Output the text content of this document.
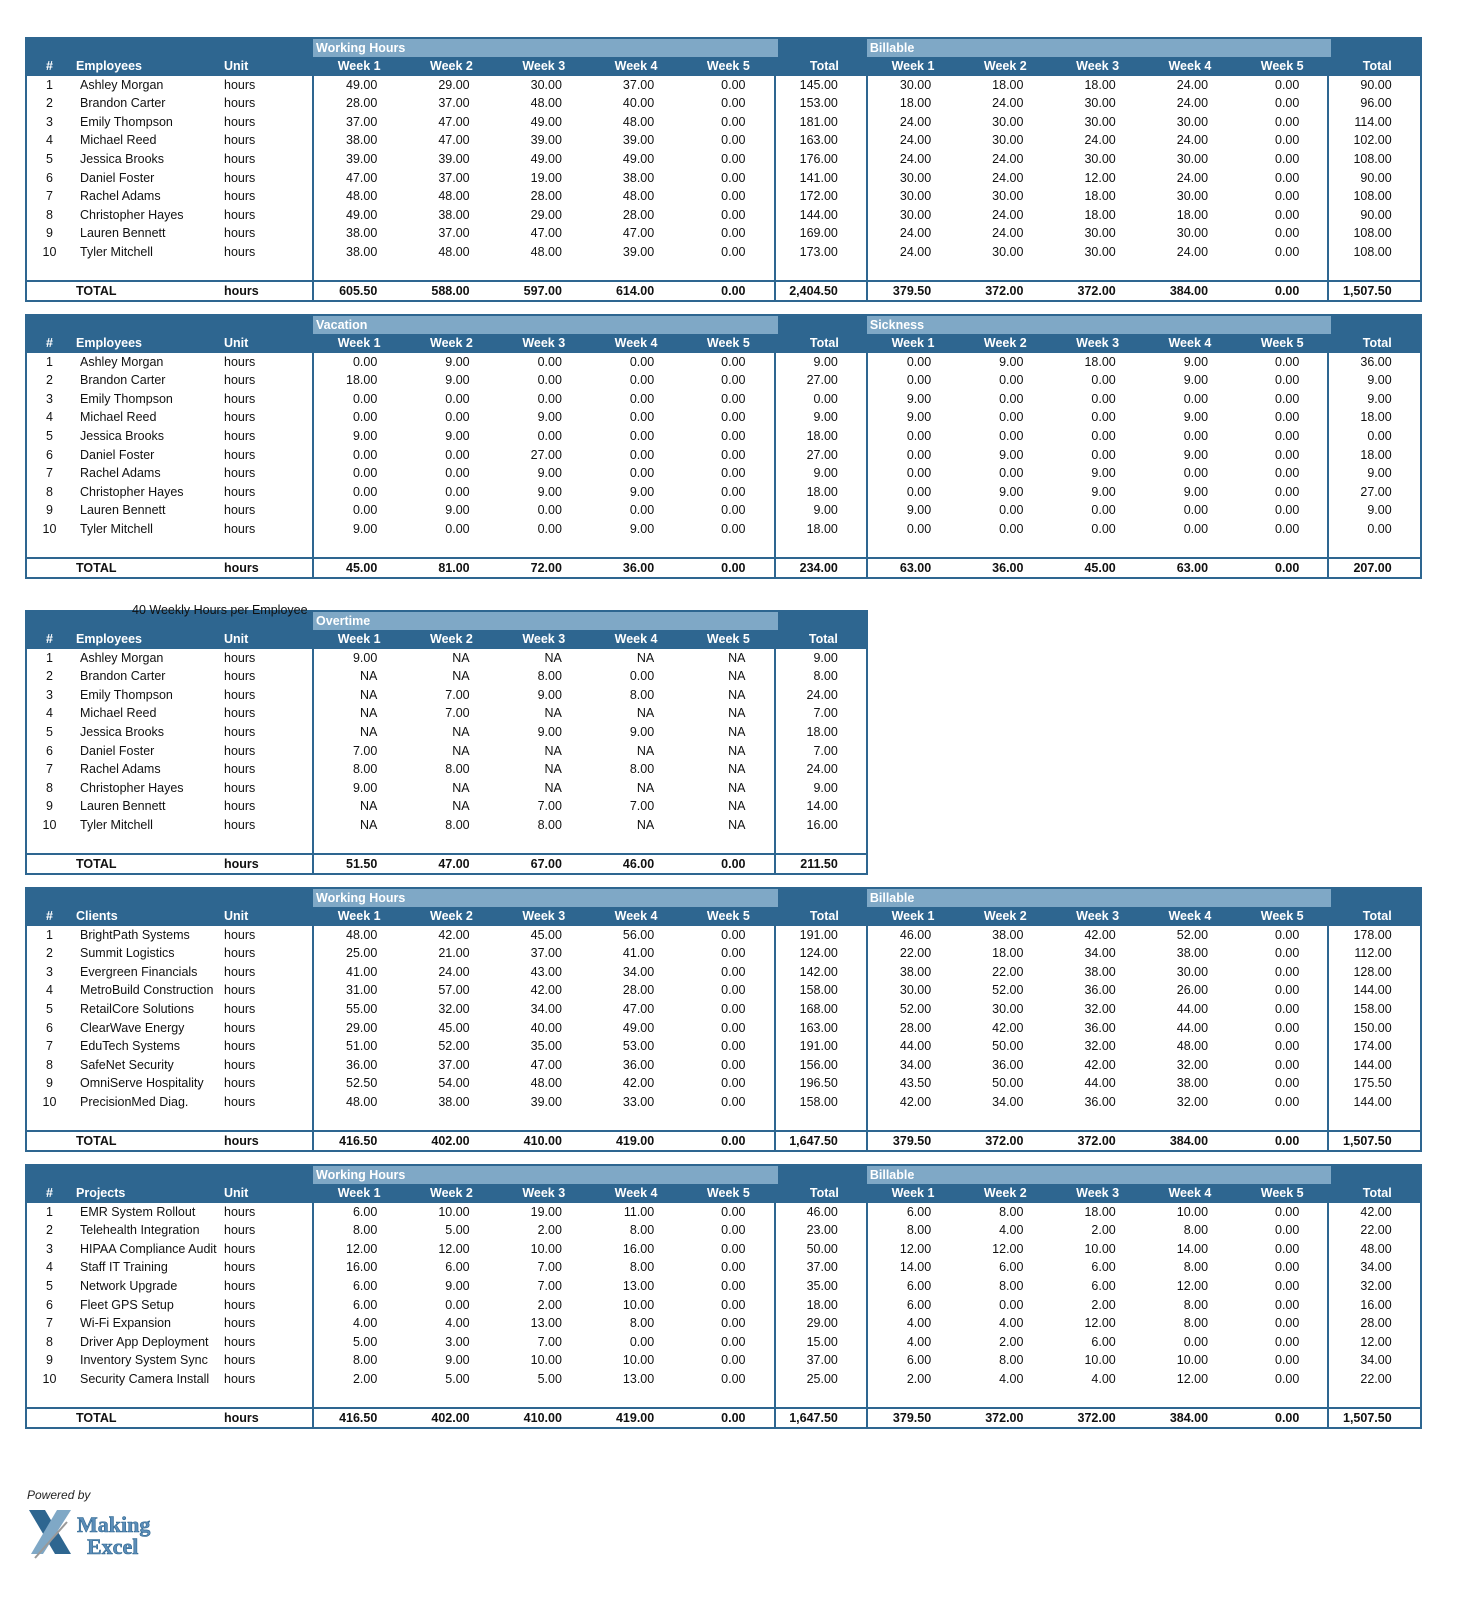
			Working Hours						Billable					

#	Employees	Unit	Week 1	Week 2	Week 3	Week 4	Week 5	Total	Week 1	Week 2	Week 3	Week 4	Week 5	Total
1	Ashley Morgan	hours	49.00	29.00	30.00	37.00	0.00	145.00	30.00	18.00	18.00	24.00	0.00	90.00
2	Brandon Carter	hours	28.00	37.00	48.00	40.00	0.00	153.00	18.00	24.00	30.00	24.00	0.00	96.00
3	Emily Thompson	hours	37.00	47.00	49.00	48.00	0.00	181.00	24.00	30.00	30.00	30.00	0.00	114.00
4	Michael Reed	hours	38.00	47.00	39.00	39.00	0.00	163.00	24.00	30.00	24.00	24.00	0.00	102.00
5	Jessica Brooks	hours	39.00	39.00	49.00	49.00	0.00	176.00	24.00	24.00	30.00	30.00	0.00	108.00
6	Daniel Foster	hours	47.00	37.00	19.00	38.00	0.00	141.00	30.00	24.00	12.00	24.00	0.00	90.00
7	Rachel Adams	hours	48.00	48.00	28.00	48.00	0.00	172.00	30.00	30.00	18.00	30.00	0.00	108.00
8	Christopher Hayes	hours	49.00	38.00	29.00	28.00	0.00	144.00	30.00	24.00	18.00	18.00	0.00	90.00
9	Lauren Bennett	hours	38.00	37.00	47.00	47.00	0.00	169.00	24.00	24.00	30.00	30.00	0.00	108.00
10	Tyler Mitchell	hours	38.00	48.00	48.00	39.00	0.00	173.00	24.00	30.00	30.00	24.00	0.00	108.00

	TOTAL	hours	605.50	588.00	597.00	614.00	0.00	2,404.50	379.50	372.00	372.00	384.00	0.00	1,507.50

			Vacation						Sickness					

#	Employees	Unit	Week 1	Week 2	Week 3	Week 4	Week 5	Total	Week 1	Week 2	Week 3	Week 4	Week 5	Total
1	Ashley Morgan	hours	0.00	9.00	0.00	0.00	0.00	9.00	0.00	9.00	18.00	9.00	0.00	36.00
2	Brandon Carter	hours	18.00	9.00	0.00	0.00	0.00	27.00	0.00	0.00	0.00	9.00	0.00	9.00
3	Emily Thompson	hours	0.00	0.00	0.00	0.00	0.00	0.00	9.00	0.00	0.00	0.00	0.00	9.00
4	Michael Reed	hours	0.00	0.00	9.00	0.00	0.00	9.00	9.00	0.00	0.00	9.00	0.00	18.00
5	Jessica Brooks	hours	9.00	9.00	0.00	0.00	0.00	18.00	0.00	0.00	0.00	0.00	0.00	0.00
6	Daniel Foster	hours	0.00	0.00	27.00	0.00	0.00	27.00	0.00	9.00	0.00	9.00	0.00	18.00
7	Rachel Adams	hours	0.00	0.00	9.00	0.00	0.00	9.00	0.00	0.00	9.00	0.00	0.00	9.00
8	Christopher Hayes	hours	0.00	0.00	9.00	9.00	0.00	18.00	0.00	9.00	9.00	9.00	0.00	27.00
9	Lauren Bennett	hours	0.00	9.00	0.00	0.00	0.00	9.00	9.00	0.00	0.00	0.00	0.00	9.00
10	Tyler Mitchell	hours	9.00	0.00	0.00	9.00	0.00	18.00	0.00	0.00	0.00	0.00	0.00	0.00

	TOTAL	hours	45.00	81.00	72.00	36.00	0.00	234.00	63.00	36.00	45.00	63.00	0.00	207.00

			Overtime					

#	Employees	Unit	Week 1	Week 2	Week 3	Week 4	Week 5	Total
1	Ashley Morgan	hours	9.00	NA	NA	NA	NA	9.00
2	Brandon Carter	hours	NA	NA	8.00	0.00	NA	8.00
3	Emily Thompson	hours	NA	7.00	9.00	8.00	NA	24.00
4	Michael Reed	hours	NA	7.00	NA	NA	NA	7.00
5	Jessica Brooks	hours	NA	NA	9.00	9.00	NA	18.00
6	Daniel Foster	hours	7.00	NA	NA	NA	NA	7.00
7	Rachel Adams	hours	8.00	8.00	NA	8.00	NA	24.00
8	Christopher Hayes	hours	9.00	NA	NA	NA	NA	9.00
9	Lauren Bennett	hours	NA	NA	7.00	7.00	NA	14.00
10	Tyler Mitchell	hours	NA	8.00	8.00	NA	NA	16.00

	TOTAL	hours	51.50	47.00	67.00	46.00	0.00	211.50

			Working Hours						Billable					

#	Clients	Unit	Week 1	Week 2	Week 3	Week 4	Week 5	Total	Week 1	Week 2	Week 3	Week 4	Week 5	Total
1	BrightPath Systems	hours	48.00	42.00	45.00	56.00	0.00	191.00	46.00	38.00	42.00	52.00	0.00	178.00
2	Summit Logistics	hours	25.00	21.00	37.00	41.00	0.00	124.00	22.00	18.00	34.00	38.00	0.00	112.00
3	Evergreen Financials	hours	41.00	24.00	43.00	34.00	0.00	142.00	38.00	22.00	38.00	30.00	0.00	128.00
4	MetroBuild Construction	hours	31.00	57.00	42.00	28.00	0.00	158.00	30.00	52.00	36.00	26.00	0.00	144.00
5	RetailCore Solutions	hours	55.00	32.00	34.00	47.00	0.00	168.00	52.00	30.00	32.00	44.00	0.00	158.00
6	ClearWave Energy	hours	29.00	45.00	40.00	49.00	0.00	163.00	28.00	42.00	36.00	44.00	0.00	150.00
7	EduTech Systems	hours	51.00	52.00	35.00	53.00	0.00	191.00	44.00	50.00	32.00	48.00	0.00	174.00
8	SafeNet Security	hours	36.00	37.00	47.00	36.00	0.00	156.00	34.00	36.00	42.00	32.00	0.00	144.00
9	OmniServe Hospitality	hours	52.50	54.00	48.00	42.00	0.00	196.50	43.50	50.00	44.00	38.00	0.00	175.50
10	PrecisionMed Diag.	hours	48.00	38.00	39.00	33.00	0.00	158.00	42.00	34.00	36.00	32.00	0.00	144.00

	TOTAL	hours	416.50	402.00	410.00	419.00	0.00	1,647.50	379.50	372.00	372.00	384.00	0.00	1,507.50

			Working Hours						Billable					

#	Projects	Unit	Week 1	Week 2	Week 3	Week 4	Week 5	Total	Week 1	Week 2	Week 3	Week 4	Week 5	Total
1	EMR System Rollout	hours	6.00	10.00	19.00	11.00	0.00	46.00	6.00	8.00	18.00	10.00	0.00	42.00
2	Telehealth Integration	hours	8.00	5.00	2.00	8.00	0.00	23.00	8.00	4.00	2.00	8.00	0.00	22.00
3	HIPAA Compliance Audit	hours	12.00	12.00	10.00	16.00	0.00	50.00	12.00	12.00	10.00	14.00	0.00	48.00
4	Staff IT Training	hours	16.00	6.00	7.00	8.00	0.00	37.00	14.00	6.00	6.00	8.00	0.00	34.00
5	Network Upgrade	hours	6.00	9.00	7.00	13.00	0.00	35.00	6.00	8.00	6.00	12.00	0.00	32.00
6	Fleet GPS Setup	hours	6.00	0.00	2.00	10.00	0.00	18.00	6.00	0.00	2.00	8.00	0.00	16.00
7	Wi-Fi Expansion	hours	4.00	4.00	13.00	8.00	0.00	29.00	4.00	4.00	12.00	8.00	0.00	28.00
8	Driver App Deployment	hours	5.00	3.00	7.00	0.00	0.00	15.00	4.00	2.00	6.00	0.00	0.00	12.00
9	Inventory System Sync	hours	8.00	9.00	10.00	10.00	0.00	37.00	6.00	8.00	10.00	10.00	0.00	34.00
10	Security Camera Install	hours	2.00	5.00	5.00	13.00	0.00	25.00	2.00	4.00	4.00	12.00	0.00	22.00

	TOTAL	hours	416.50	402.00	410.00	419.00	0.00	1,647.50	379.50	372.00	372.00	384.00	0.00	1,507.50
40 Weekly Hours per Employee
Powered by
Making
Excel
